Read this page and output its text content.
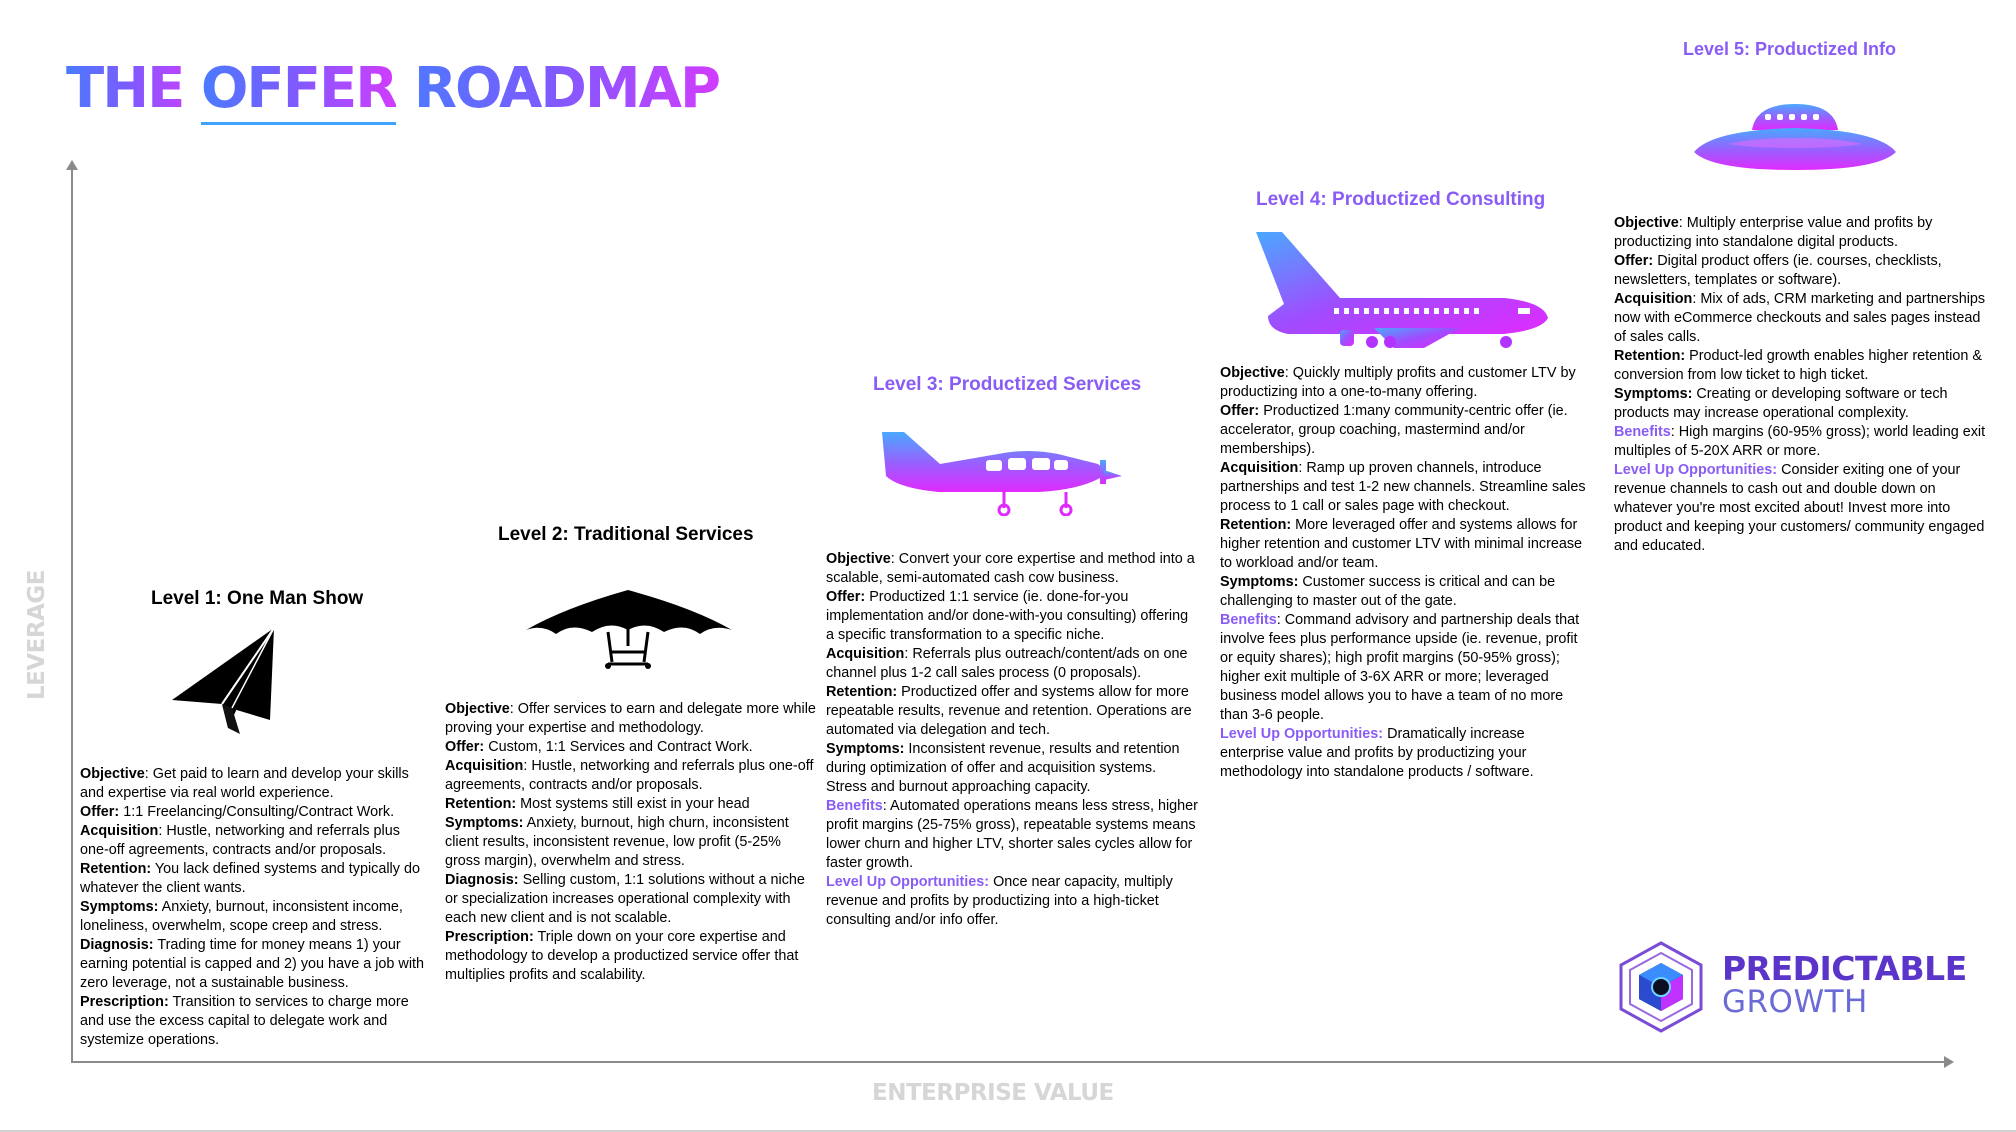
THE OFFER ROADMAP
LEVERAGE
ENTERPRISE VALUE
Level 1: One Man Show

Objective: Get paid to learn and develop your skills and expertise via real world experience.

Offer: 1:1 Freelancing/Consulting/Contract Work.

Acquisition: Hustle, networking and referrals plus one-off agreements, contracts and/or proposals.

Retention: You lack defined systems and typically do whatever the client wants.

Symptoms: Anxiety, burnout, inconsistent income, loneliness, overwhelm, scope creep and stress.

Diagnosis: Trading time for money means 1) your earning potential is capped and 2) you have a job with zero leverage, not a sustainable business.

Prescription: Transition to services to charge more and use the excess capital to delegate work and systemize operations.

Level 2: Traditional Services

Objective: Offer services to earn and delegate more while proving your expertise and methodology.

Offer: Custom, 1:1 Services and Contract Work.

Acquisition: Hustle, networking and referrals plus one-off agreements, contracts and/or proposals.

Retention: Most systems still exist in your head

Symptoms: Anxiety, burnout, high churn, inconsistent client results, inconsistent revenue, low profit (5-25% gross margin), overwhelm and stress.

Diagnosis: Selling custom, 1:1 solutions without a niche or specialization increases operational complexity with each new client and is not scalable.

Prescription: Triple down on your core expertise and methodology to develop a productized service offer that multiplies profits and scalability.

Level 3: Productized Services

Objective: Convert your core expertise and method into a scalable, semi-automated cash cow business.

Offer: Productized 1:1 service (ie. done-for-you implementation and/or done-with-you consulting) offering a specific transformation to a specific niche.

Acquisition: Referrals plus outreach/content/ads on one channel plus 1-2 call sales process (0 proposals).

Retention: Productized offer and systems allow for more repeatable results, revenue and retention. Operations are automated via delegation and tech.

Symptoms: Inconsistent revenue, results and retention during optimization of offer and acquisition systems. Stress and burnout approaching capacity.

Benefits: Automated operations means less stress, higher profit margins (25-75% gross), repeatable systems means lower churn and higher LTV, shorter sales cycles allow for faster growth.

Level Up Opportunities: Once near capacity, multiply revenue and profits by productizing into a high-ticket consulting and/or info offer.

Level 4: Productized Consulting

Objective: Quickly multiply profits and customer LTV by productizing into a one-to-many offering.

Offer: Productized 1:many community-centric offer (ie. accelerator, group coaching, mastermind and/or memberships).

Acquisition: Ramp up proven channels, introduce partnerships and test 1-2 new channels. Streamline sales process to 1 call or sales page with checkout.

Retention: More leveraged offer and systems allows for higher retention and customer LTV with minimal increase to workload and/or team.

Symptoms: Customer success is critical and can be challenging to master out of the gate.

Benefits: Command advisory and partnership deals that involve fees plus performance upside (ie. revenue, profit or equity shares); high profit margins (50-95% gross); higher exit multiple of 3-6X ARR or more; leveraged business model allows you to have a team of no more than 3-6 people.

Level Up Opportunities: Dramatically increase enterprise value and profits by productizing your methodology into standalone products / software.

Level 5: Productized Info

Objective: Multiply enterprise value and profits by productizing into standalone digital products.

Offer: Digital product offers (ie. courses, checklists, newsletters, templates or software).

Acquisition: Mix of ads, CRM marketing and partnerships now with eCommerce checkouts and sales pages instead of sales calls.

Retention: Product-led growth enables higher retention & conversion from low ticket to high ticket.

Symptoms: Creating or developing software or tech products may increase operational complexity.

Benefits: High margins (60-95% gross); world leading exit multiples of 5-20X ARR or more.

Level Up Opportunities: Consider exiting one of your revenue channels to cash out and double down on whatever you're most excited about! Invest more into product and keeping your customers/ community engaged and educated.

PREDICTABLE
GROWTH
